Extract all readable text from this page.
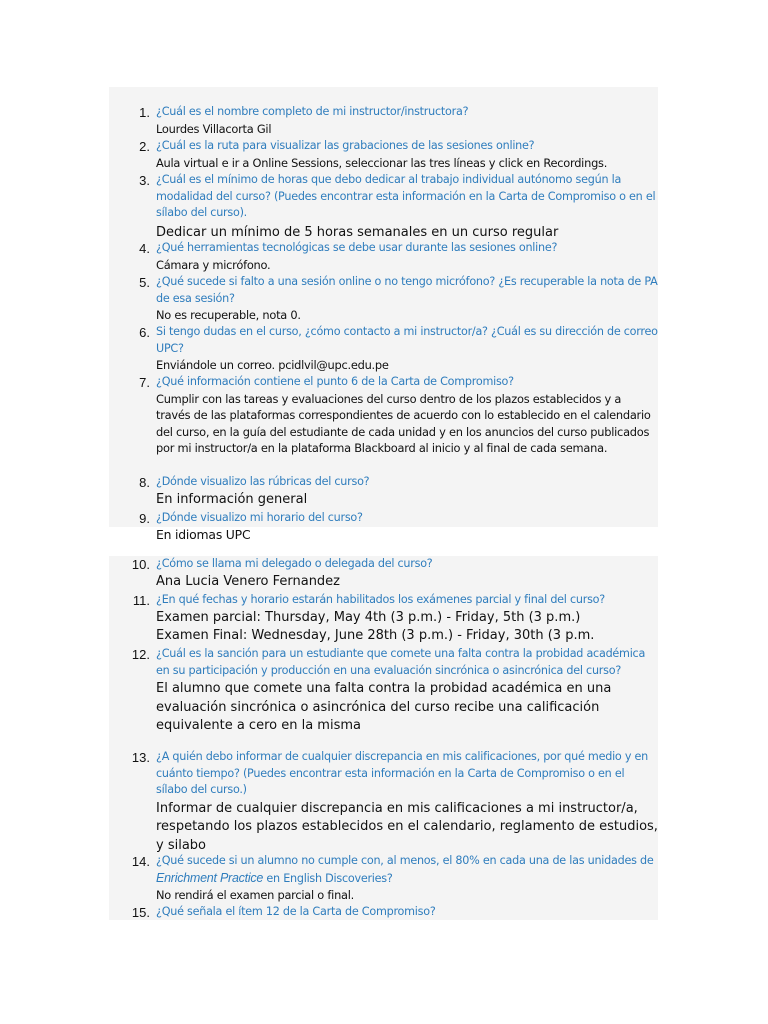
1. ¿Cuál es el nombre completo de mi instructor/instructora?
Lourdes Villacorta Gil
2. ¿Cuál es la ruta para visualizar las grabaciones de las sesiones online?
Aula virtual e ir a Online Sessions, seleccionar las tres líneas y click en Recordings.
3. ¿Cuál es el mínimo de horas que debo dedicar al trabajo individual autónomo según la modalidad del curso? (Puedes encontrar esta información en la Carta de Compromiso o en el sílabo del curso).
Dedicar un mínimo de 5 horas semanales en un curso regular
4. ¿Qué herramientas tecnológicas se debe usar durante las sesiones online?
Cámara y micrófono.
5. ¿Qué sucede si falto a una sesión online o no tengo micrófono? ¿Es recuperable la nota de PA de esa sesión?
No es recuperable, nota 0.
6. Si tengo dudas en el curso, ¿cómo contacto a mi instructor/a? ¿Cuál es su dirección de correo UPC?
Enviándole un correo. pcidlvil@upc.edu.pe
7. ¿Qué información contiene el punto 6 de la Carta de Compromiso?
Cumplir con las tareas y evaluaciones del curso dentro de los plazos establecidos y a través de las plataformas correspondientes de acuerdo con lo establecido en el calendario del curso, en la guía del estudiante de cada unidad y en los anuncios del curso publicados por mi instructor/a en la plataforma Blackboard al inicio y al final de cada semana.
8. ¿Dónde visualizo las rúbricas del curso?
En información general
9. ¿Dónde visualizo mi horario del curso?
En idiomas UPC
10. ¿Cómo se llama mi delegado o delegada del curso?
Ana Lucia Venero Fernandez
11. ¿En qué fechas y horario estarán habilitados los exámenes parcial y final del curso?
Examen parcial: Thursday, May 4th (3 p.m.) - Friday, 5th (3 p.m.)
Examen Final: Wednesday, June 28th (3 p.m.) - Friday, 30th (3 p.m.
12. ¿Cuál es la sanción para un estudiante que comete una falta contra la probidad académica en su participación y producción en una evaluación sincrónica o asincrónica del curso?
El alumno que comete una falta contra la probidad académica en una evaluación sincrónica o asincrónica del curso recibe una calificación equivalente a cero en la misma
13. ¿A quién debo informar de cualquier discrepancia en mis calificaciones, por qué medio y en cuánto tiempo? (Puedes encontrar esta información en la Carta de Compromiso o en el sílabo del curso.)
Informar de cualquier discrepancia en mis calificaciones a mi instructor/a, respetando los plazos establecidos en el calendario, reglamento de estudios, y silabo
14. ¿Qué sucede si un alumno no cumple con, al menos, el 80% en cada una de las unidades de Enrichment Practice en English Discoveries?
No rendirá el examen parcial o final.
15. ¿Qué señala el ítem 12 de la Carta de Compromiso?
